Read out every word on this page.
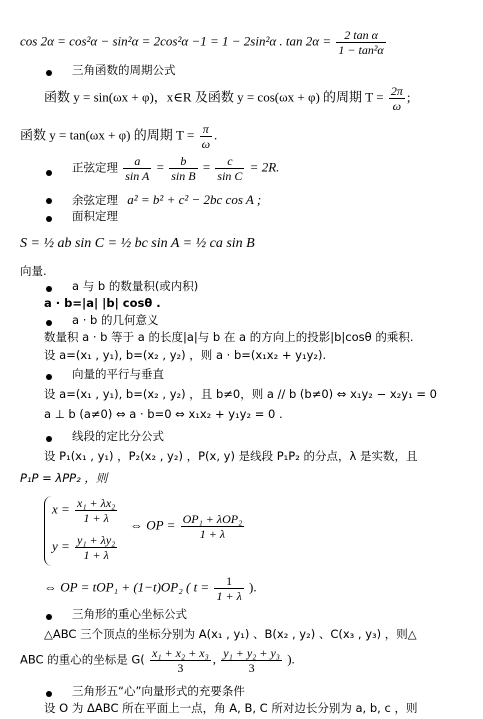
cos 2α = cos²α − sin²α = 2cos²α −1 = 1 − 2sin²α . $\tan 2\alpha = \frac{\text{2 tan α}}{\text{1 − tan²α}}$
三角函数的周期公式
函数 y = sin(ωx + φ)，x∈R 及函数 y = cos(ωx + φ) 的周期 $T = \frac{2\pi}{\omega}$ ;
函数 y = tan(ωx + φ) 的周期 $T = \frac{\pi}{\omega}$ .
正弦定理 $\frac{a}{\text{sin A}} = \frac{b}{\text{sin B}} = \frac{c}{\text{sin C}} = 2R$.
余弦定理 a² = b² + c² − 2bc cos A ;
面积定理
S = ½ ab sin C = ½ bc sin A = ½ ca sin B
向量.
a 与 b 的数量积(或内积)
a · b=|a| |b| cosθ .
a · b 的几何意义
数量积 a · b 等于 a 的长度|a|与 b 在 a 的方向上的投影|b|cosθ 的乘积.
设 a=(x₁ , y₁), b=(x₂ , y₂) ，则 a · b=(x₁x₂ + y₁y₂).
向量的平行与垂直
设 a=(x₁ , y₁), b=(x₂ , y₂) ，且 b≠0，则 a // b (b≠0) ⇔ x₁y₂ − x₂y₁ = 0
a ⊥ b (a≠0) ⇔ a · b=0 ⇔ x₁x₂ + y₁y₂ = 0 .
线段的定比分公式
设 P₁(x₁ , y₁) ，P₂(x₂ , y₂) ，P(x, y) 是线段 P₁P₂ 的分点，λ 是实数，且
P₁P = λPP₂ ，则
$x = \frac{\text{x₁ + λx₂}}{1 + \lambda}$
$y = \frac{\text{y₁ + λy₂}}{1 + \lambda}$
⇔ OP = $\frac{\text{OP₁ + λOP₂}}{1 + \lambda}$
⇔ OP = tOP₁ + (1−t)OP₂ ( $t = \frac{1}{1 + \lambda}$ ).
三角形的重心坐标公式
△ABC 三个顶点的坐标分别为 A(x₁ , y₁) 、B(x₂ , y₂) 、C(x₃ , y₃) ，则△
ABC 的重心的坐标是 $G( \frac{\text{x₁ + x₂ + x₃}}{3}$ , $\frac{\text{y₁ + y₂ + y₃}}{3}$ ).
三角形五“心”向量形式的充要条件
设 O 为 ΔABC 所在平面上一点，角 A, B, C 所对边长分别为 a, b, c ，则
